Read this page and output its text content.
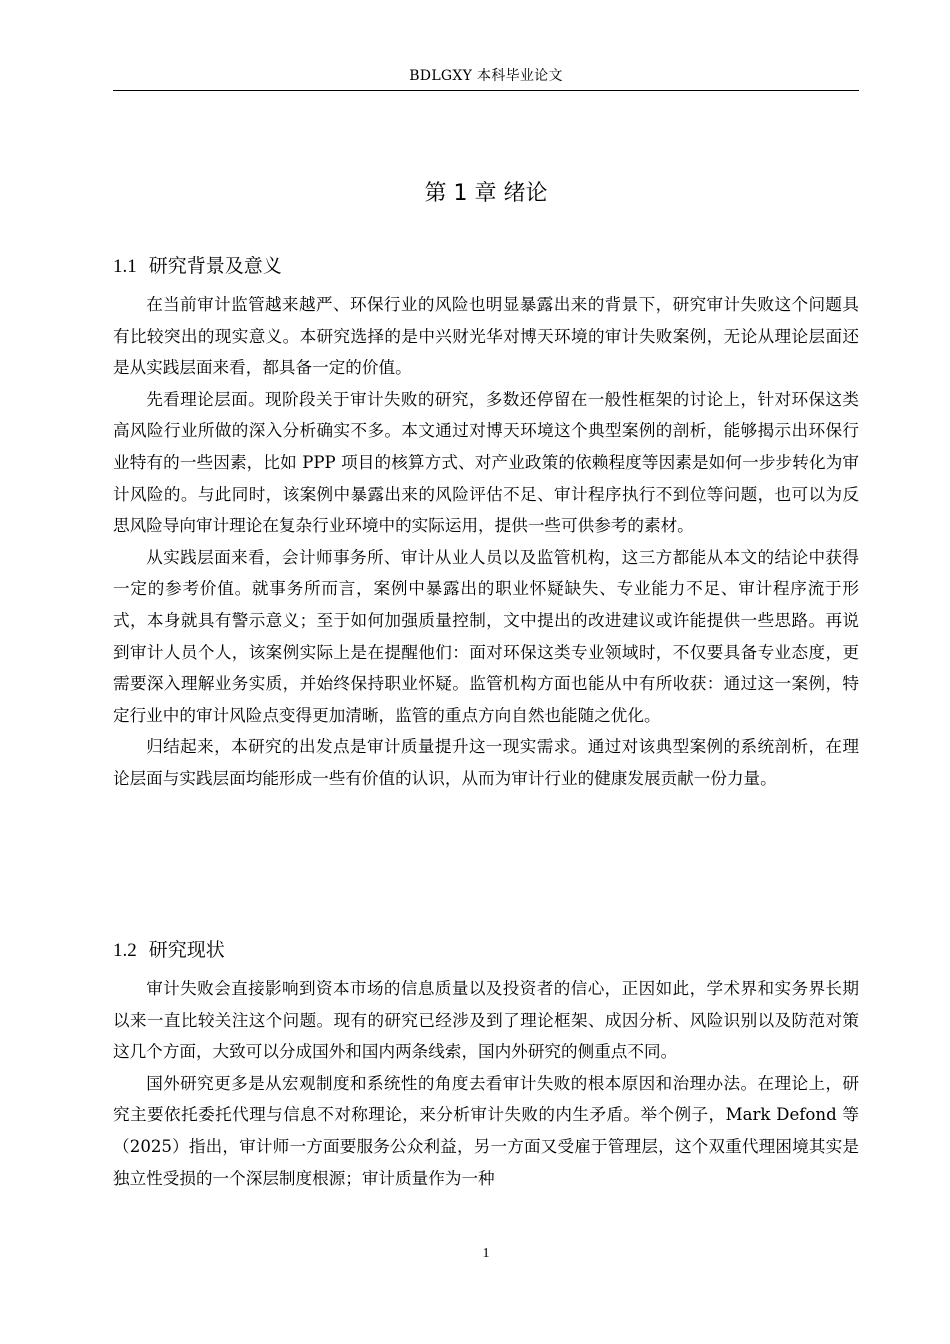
BDLGXY 本科毕业论文
第 1 章 绪论
1.1 研究背景及意义

在当前审计监管越来越严、环保行业的风险也明显暴露出来的背景下，研究审计失败这个问题具有比较突出的现实意义。本研究选择的是中兴财光华对博天环境的审计失败案例，无论从理论层面还是从实践层面来看，都具备一定的价值。

先看理论层面。现阶段关于审计失败的研究，多数还停留在一般性框架的讨论上，针对环保这类高风险行业所做的深入分析确实不多。本文通过对博天环境这个典型案例的剖析，能够揭示出环保行业特有的一些因素，比如 PPP 项目的核算方式、对产业政策的依赖程度等因素是如何一步步转化为审计风险的。与此同时，该案例中暴露出来的风险评估不足、审计程序执行不到位等问题，也可以为反思风险导向审计理论在复杂行业环境中的实际运用，提供一些可供参考的素材。

从实践层面来看，会计师事务所、审计从业人员以及监管机构，这三方都能从本文的结论中获得一定的参考价值。就事务所而言，案例中暴露出的职业怀疑缺失、专业能力不足、审计程序流于形式，本身就具有警示意义；至于如何加强质量控制，文中提出的改进建议或许能提供一些思路。再说到审计人员个人，该案例实际上是在提醒他们：面对环保这类专业领域时，不仅要具备专业态度，更需要深入理解业务实质，并始终保持职业怀疑。监管机构方面也能从中有所收获：通过这一案例，特定行业中的审计风险点变得更加清晰，监管的重点方向自然也能随之优化。

归结起来，本研究的出发点是审计质量提升这一现实需求。通过对该典型案例的系统剖析，在理论层面与实践层面均能形成一些有价值的认识，从而为审计行业的健康发展贡献一份力量。

1.2 研究现状

审计失败会直接影响到资本市场的信息质量以及投资者的信心，正因如此，学术界和实务界长期以来一直比较关注这个问题。现有的研究已经涉及到了理论框架、成因分析、风险识别以及防范对策这几个方面，大致可以分成国外和国内两条线索，国内外研究的侧重点不同。

国外研究更多是从宏观制度和系统性的角度去看审计失败的根本原因和治理办法。在理论上，研究主要依托委托代理与信息不对称理论，来分析审计失败的内生矛盾。举个例子，Mark Defond 等（2025）指出，审计师一方面要服务公众利益，另一方面又受雇于管理层，这个双重代理困境其实是独立性受损的一个深层制度根源；审计质量作为一种

1
